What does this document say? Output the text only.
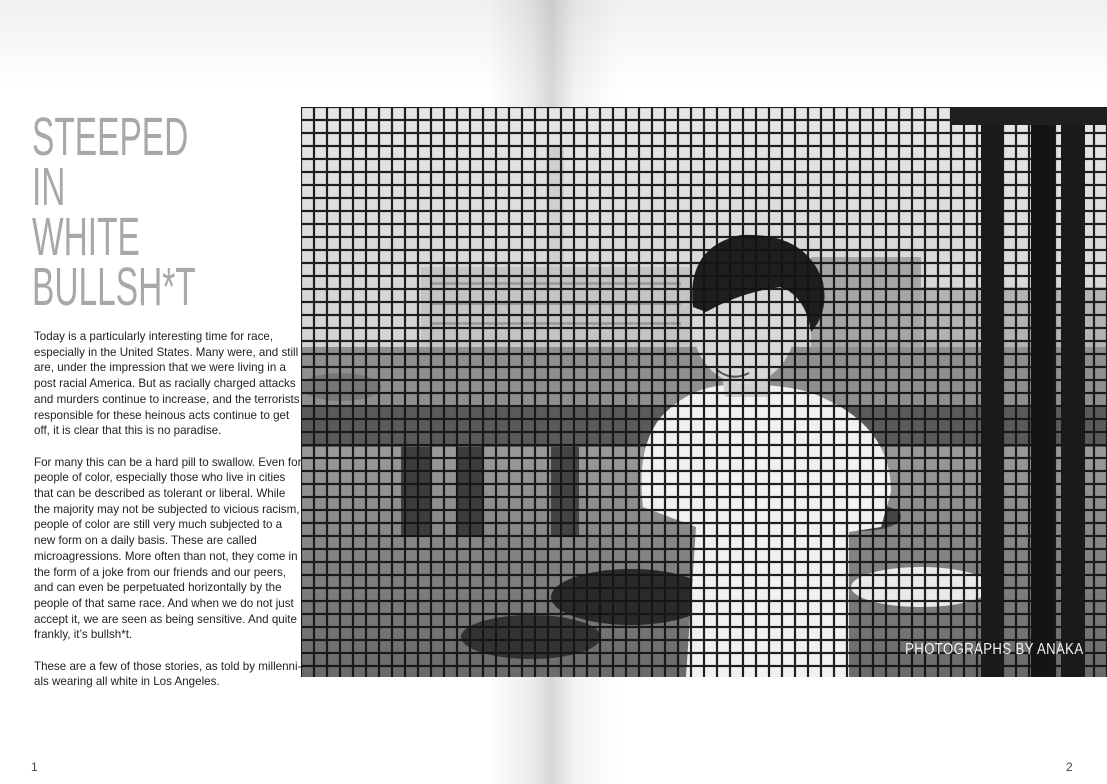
STEEPED
IN
WHITE
BULLSH*T

Today is a particularly interesting time for race, especially in the United States. Many were, and still are, under the impression that we were living in a post racial America. But as racially charged attacks and murders continue to increase, and the terrorists responsible for these heinous acts continue to get off, it is clear that this is no paradise.

For many this can be a hard pill to swallow. Even for people of color, especially those who live in cities that can be described as tolerant or liberal. While the majority may not be subjected to vicious racism, people of color are still very much subjected to a new form on a daily basis. These are called microagressions. More often than not, they come in the form of a joke from our friends and our peers, and can even be perpetuated horizontally by the people of that same race. And when we do not just accept it, we are seen as being sensitive. And quite frankly, it’s bullsh*t.

These are a few of those stories, as told by millennials wearing all white in Los Angeles.

PHOTOGRAPHS BY ANAKA
1	2
